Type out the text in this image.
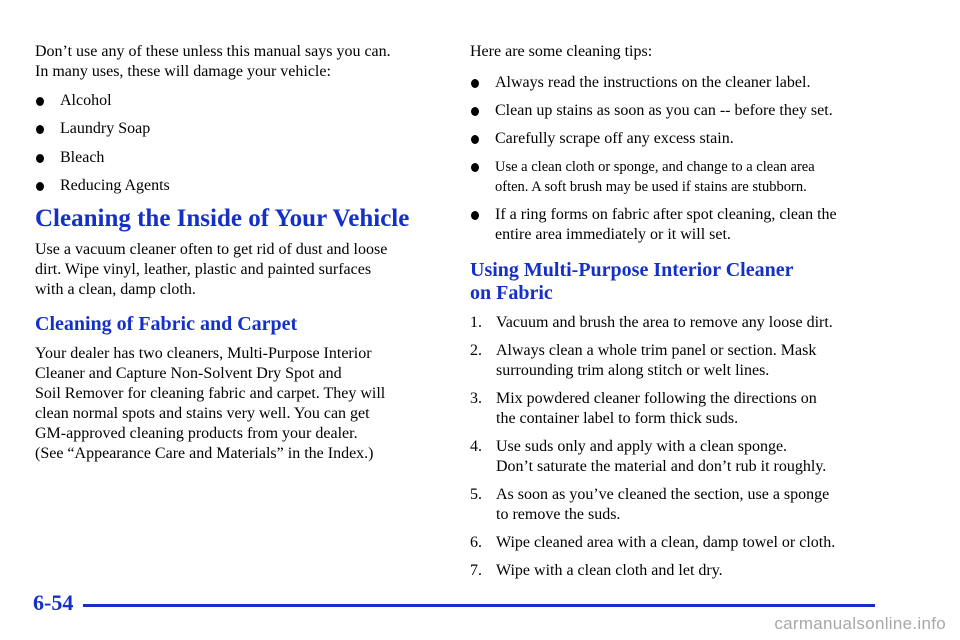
Don’t use any of these unless this manual says you can.
In many uses, these will damage your vehicle:
Alcohol
Laundry Soap
Bleach
Reducing Agents
Cleaning the Inside of Your Vehicle
Use a vacuum cleaner often to get rid of dust and loose
dirt. Wipe vinyl, leather, plastic and painted surfaces
with a clean, damp cloth.
Cleaning of Fabric and Carpet
Your dealer has two cleaners, Multi‑Purpose Interior
Cleaner and Capture Non‑Solvent Dry Spot and
Soil Remover for cleaning fabric and carpet. They will
clean normal spots and stains very well. You can get
GM‑approved cleaning products from your dealer.
(See “Appearance Care and Materials” in the Index.)
Here are some cleaning tips:
Always read the instructions on the cleaner label.
Clean up stains as soon as you can -- before they set.
Carefully scrape off any excess stain.
Use a clean cloth or sponge, and change to a clean area
often. A soft brush may be used if stains are stubborn.
If a ring forms on fabric after spot cleaning, clean the
entire area immediately or it will set.
Using Multi-Purpose Interior Cleaner
on Fabric
1. Vacuum and brush the area to remove any loose dirt.
2. Always clean a whole trim panel or section. Mask
surrounding trim along stitch or welt lines.
3. Mix powdered cleaner following the directions on
the container label to form thick suds.
4. Use suds only and apply with a clean sponge.
Don’t saturate the material and don’t rub it roughly.
5. As soon as you’ve cleaned the section, use a sponge
to remove the suds.
6. Wipe cleaned area with a clean, damp towel or cloth.
7. Wipe with a clean cloth and let dry.
6-54
carmanualsonline.info
